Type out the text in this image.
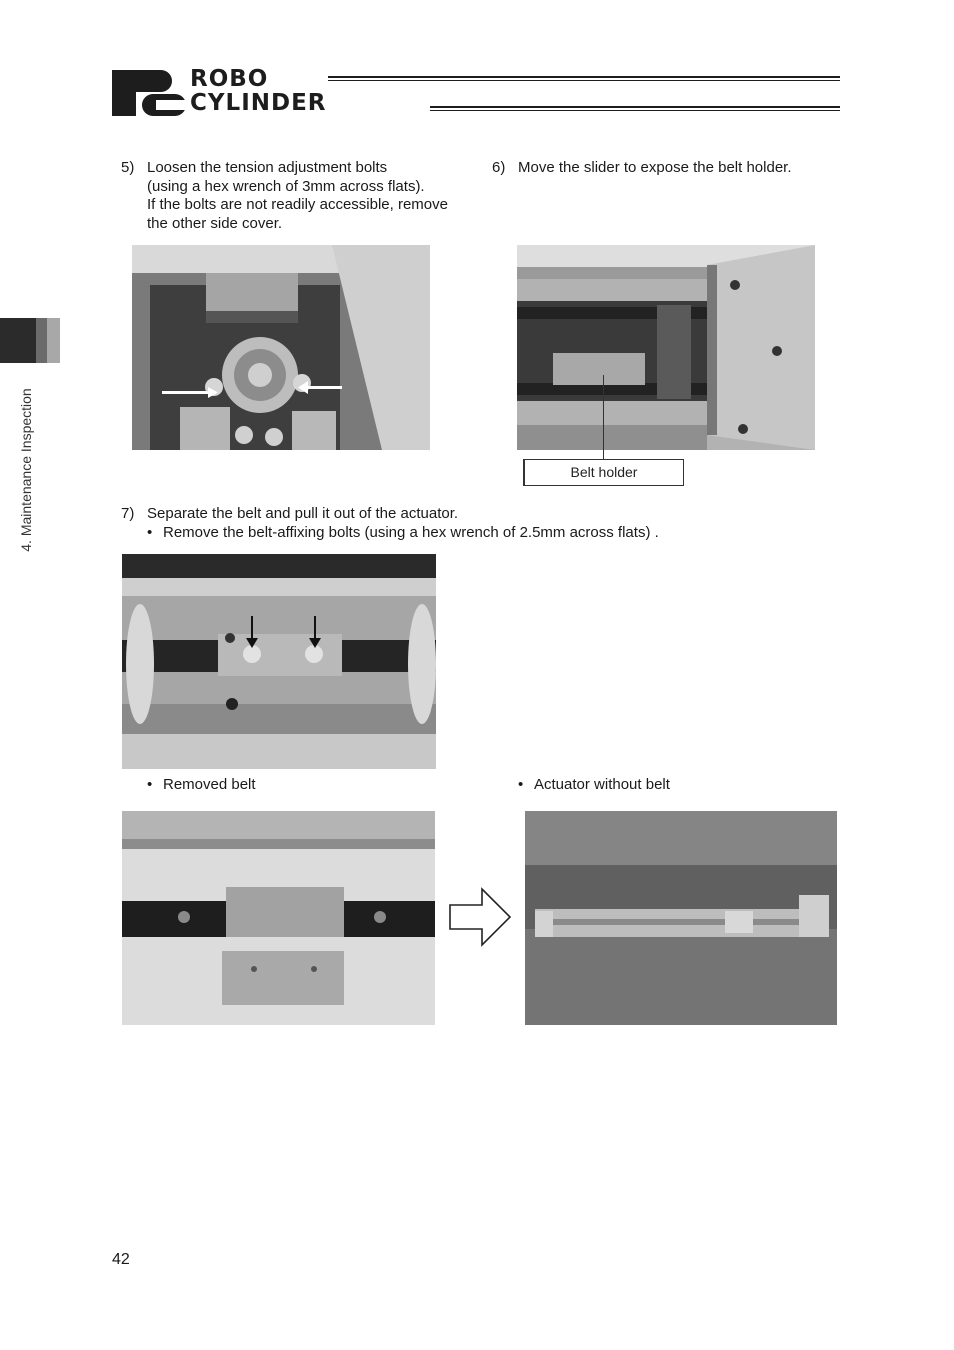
ROBO
CYLINDER
4. Maintenance Inspection
5) Loosen the tension adjustment bolts
(using a hex wrench of 3mm across flats).
If the bolts are not readily accessible, remove
the other side cover.
6) Move the slider to expose the belt holder.
Belt holder
7) Separate the belt and pull it out of the actuator.
• Remove the belt-affixing bolts (using a hex wrench of 2.5mm across flats) .
• Removed belt	• Actuator without belt
42
